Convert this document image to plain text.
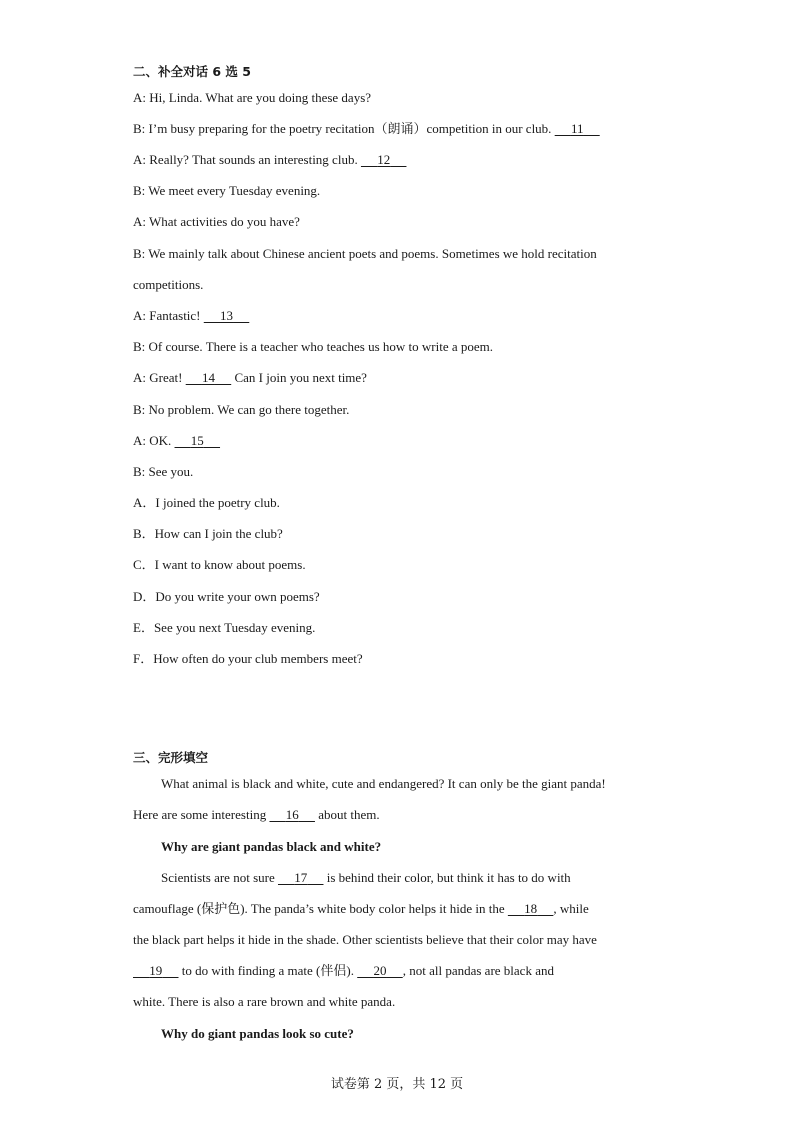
二、补全对话 6 选 5
A: Hi, Linda. What are you doing these days?
B: I’m busy preparing for the poetry recitation（朗诵）competition in our club.      11
A: Really? That sounds an interesting club.      12
B: We meet every Tuesday evening.
A: What activities do you have?
B: We mainly talk about Chinese ancient poets and poems. Sometimes we hold recitation
competitions.
A: Fantastic!      13
B: Of course. There is a teacher who teaches us how to write a poem.
A: Great!      14      Can I join you next time?
B: No problem. We can go there together.
A: OK.      15
B: See you.
A．I joined the poetry club.
B．How can I join the club?
C．I want to know about poems.
D．Do you write your own poems?
E．See you next Tuesday evening.
F．How often do your club members meet?
三、完形填空
What animal is black and white, cute and endangered? It can only be the giant panda!
Here are some interesting      16      about them.
Why are giant pandas black and white?
Scientists are not sure      17      is behind their color, but think it has to do with
camouflage (保护色). The panda’s white body color helps it hide in the      18 , while
the black part helps it hide in the shade. Other scientists believe that their color may have
19      to do with finding a mate (伴侣).      20 , not all pandas are black and
white. There is also a rare brown and white panda.
Why do giant pandas look so cute?
试卷第 2 页，共 12 页
